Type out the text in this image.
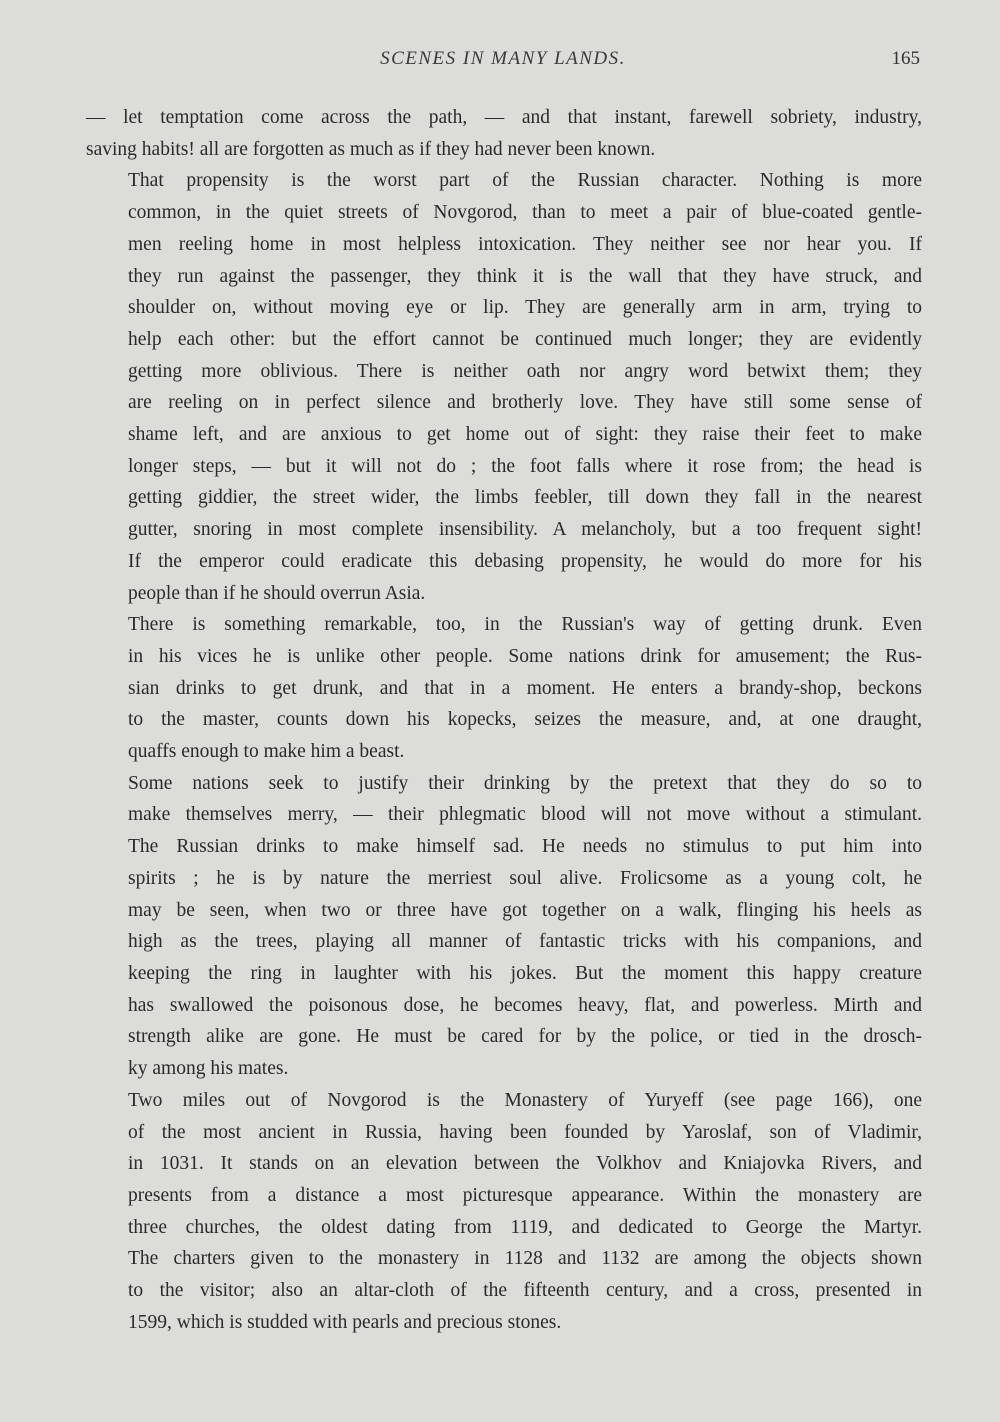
SCENES IN MANY LANDS.	165

— let temptation come across the path, — and that instant, farewell sobriety, industry,
saving habits! all are forgotten as much as if they had never been known.

That propensity is the worst part of the Russian character. Nothing is more
common, in the quiet streets of Novgorod, than to meet a pair of blue-coated gentle-
men reeling home in most helpless intoxication. They neither see nor hear you. If
they run against the passenger, they think it is the wall that they have struck, and
shoulder on, without moving eye or lip. They are generally arm in arm, trying to
help each other: but the effort cannot be continued much longer; they are evidently
getting more oblivious. There is neither oath nor angry word betwixt them; they
are reeling on in perfect silence and brotherly love. They have still some sense of
shame left, and are anxious to get home out of sight: they raise their feet to make
longer steps, — but it will not do ; the foot falls where it rose from; the head is
getting giddier, the street wider, the limbs feebler, till down they fall in the nearest
gutter, snoring in most complete insensibility. A melancholy, but a too frequent sight!
If the emperor could eradicate this debasing propensity, he would do more for his
people than if he should overrun Asia.

There is something remarkable, too, in the Russian's way of getting drunk. Even
in his vices he is unlike other people. Some nations drink for amusement; the Rus-
sian drinks to get drunk, and that in a moment. He enters a brandy-shop, beckons
to the master, counts down his kopecks, seizes the measure, and, at one draught,
quaffs enough to make him a beast.

Some nations seek to justify their drinking by the pretext that they do so to
make themselves merry, — their phlegmatic blood will not move without a stimulant.
The Russian drinks to make himself sad. He needs no stimulus to put him into
spirits ; he is by nature the merriest soul alive. Frolicsome as a young colt, he
may be seen, when two or three have got together on a walk, flinging his heels as
high as the trees, playing all manner of fantastic tricks with his companions, and
keeping the ring in laughter with his jokes. But the moment this happy creature
has swallowed the poisonous dose, he becomes heavy, flat, and powerless. Mirth and
strength alike are gone. He must be cared for by the police, or tied in the drosch-
ky among his mates.

Two miles out of Novgorod is the Monastery of Yuryeff (see page 166), one
of the most ancient in Russia, having been founded by Yaroslaf, son of Vladimir,
in 1031. It stands on an elevation between the Volkhov and Kniajovka Rivers, and
presents from a distance a most picturesque appearance. Within the monastery are
three churches, the oldest dating from 1119, and dedicated to George the Martyr.
The charters given to the monastery in 1128 and 1132 are among the objects shown
to the visitor; also an altar-cloth of the fifteenth century, and a cross, presented in
1599, which is studded with pearls and precious stones.
